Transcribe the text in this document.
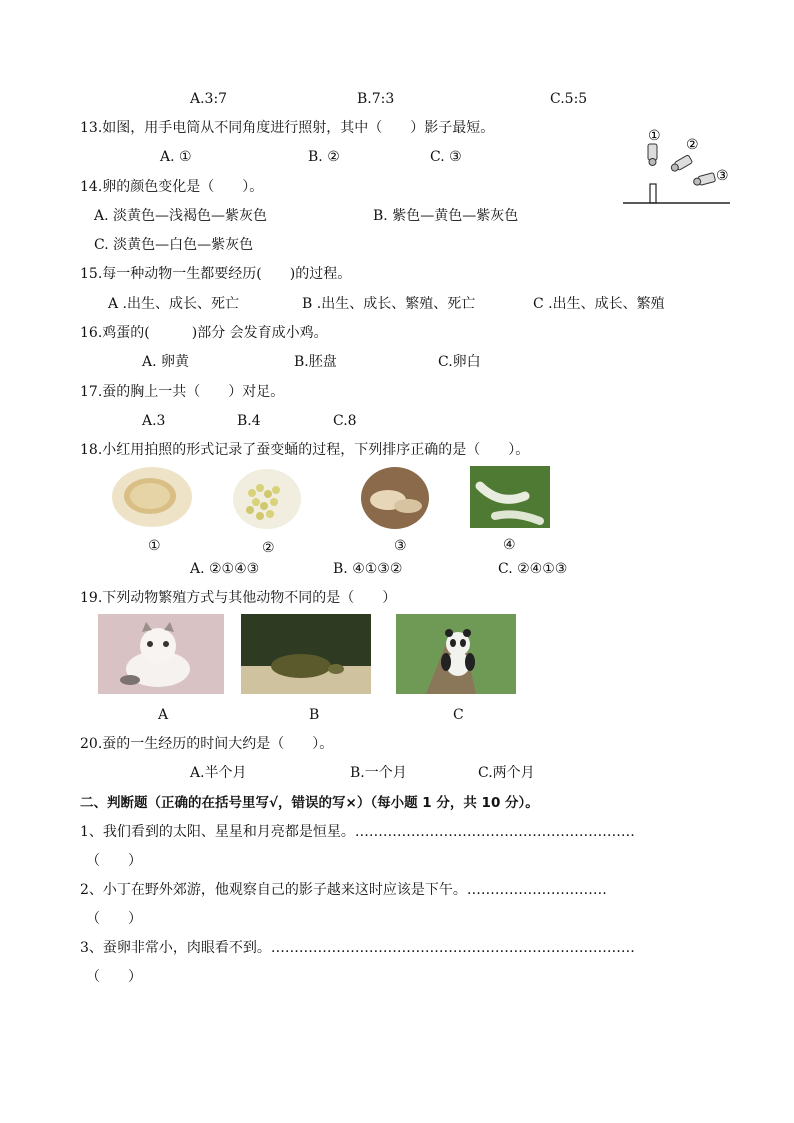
A.3:7	B.7:3	C.5:5
13.如图，用手电筒从不同角度进行照射，其中（　　）影子最短。
A. ①	B. ②	C. ③
①
②
③
14.卵的颜色变化是（　　）。
A. 淡黄色—浅褐色—紫灰色	B. 紫色—黄色—紫灰色
C. 淡黄色—白色—紫灰色
15.每一种动物一生都要经历(　　)的过程。
A .出生、成长、死亡	B .出生、成长、繁殖、死亡	C .出生、成长、繁殖
16.鸡蛋的(　　　)部分 会发育成小鸡。
A. 卵黄	B.胚盘	C.卵白
17.蚕的胸上一共（　　）对足。
A.3	B.4	C.8
18.小红用拍照的形式记录了蚕变蛹的过程，下列排序正确的是（　　）。
①	②	③	④
A. ②①④③	B. ④①③②	C. ②④①③
19.下列动物繁殖方式与其他动物不同的是（　　）
A	B	C
20.蚕的一生经历的时间大约是（　　）。
A.半个月	B.一个月	C.两个月
二、判断题（正确的在括号里写√，错误的写×）（每小题 1 分，共 10 分）。
1、我们看到的太阳、星星和月亮都是恒星。……………………………………………………
（　　）
2、小丁在野外郊游，他观察自己的影子越来这时应该是下午。…………………………
（　　）
3、蚕卵非常小，肉眼看不到。……………………………………………………………………
（　　）
